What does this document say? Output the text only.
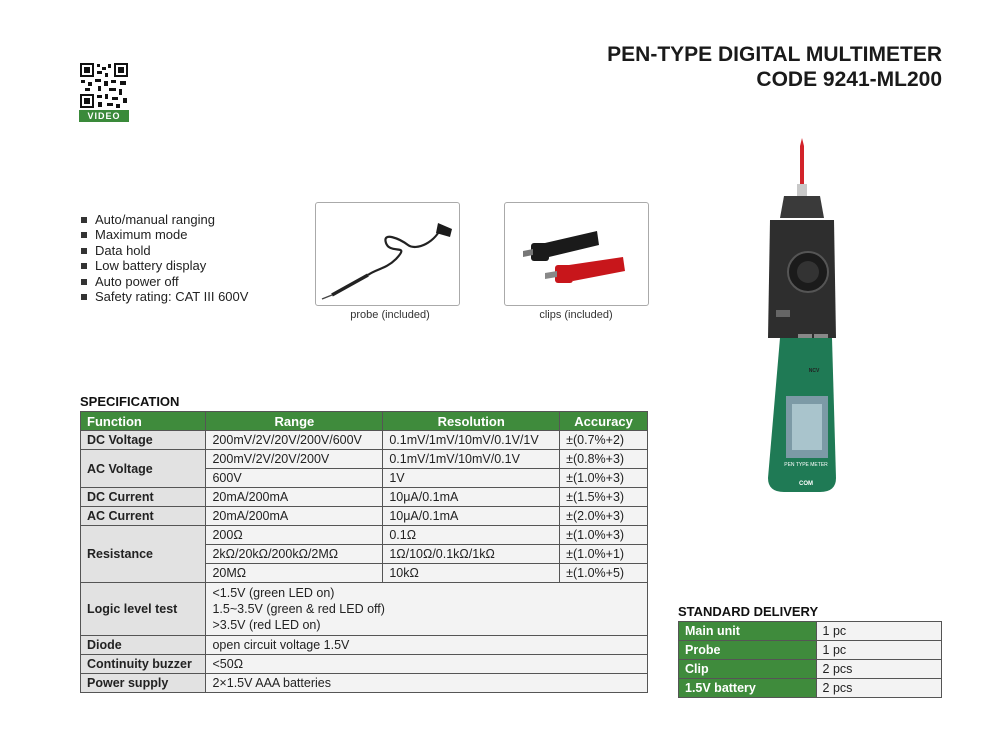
PEN-TYPE DIGITAL MULTIMETER
CODE 9241-ML200
VIDEO
Auto/manual ranging
Maximum mode
Data hold
Low battery display
Auto power off
Safety rating: CAT III 600V
probe (included)	clips (included)
PEN TYPE METER
COM
NCV
SPECIFICATION
Function	Range	Resolution	Accuracy
DC Voltage	200mV/2V/20V/200V/600V	0.1mV/1mV/10mV/0.1V/1V	±(0.7%+2)
AC Voltage	200mV/2V/20V/200V	0.1mV/1mV/10mV/0.1V	±(0.8%+3)
	600V	1V	±(1.0%+3)
DC Current	20mA/200mA	10μA/0.1mA	±(1.5%+3)
AC Current	20mA/200mA	10μA/0.1mA	±(2.0%+3)
Resistance	200Ω	0.1Ω	±(1.0%+3)
	2kΩ/20kΩ/200kΩ/2MΩ	1Ω/10Ω/0.1kΩ/1kΩ	±(1.0%+1)
	20MΩ	10kΩ	±(1.0%+5)
Logic level test	<1.5V (green LED on)
1.5~3.5V (green & red LED off)
>3.5V (red LED on)		

Diode	open circuit voltage 1.5V		
Continuity buzzer	<50Ω		
Power supply	2×1.5V AAA batteries		
STANDARD DELIVERY
Main unit	1 pc
Probe	1 pc
Clip	2 pcs
1.5V battery	2 pcs
